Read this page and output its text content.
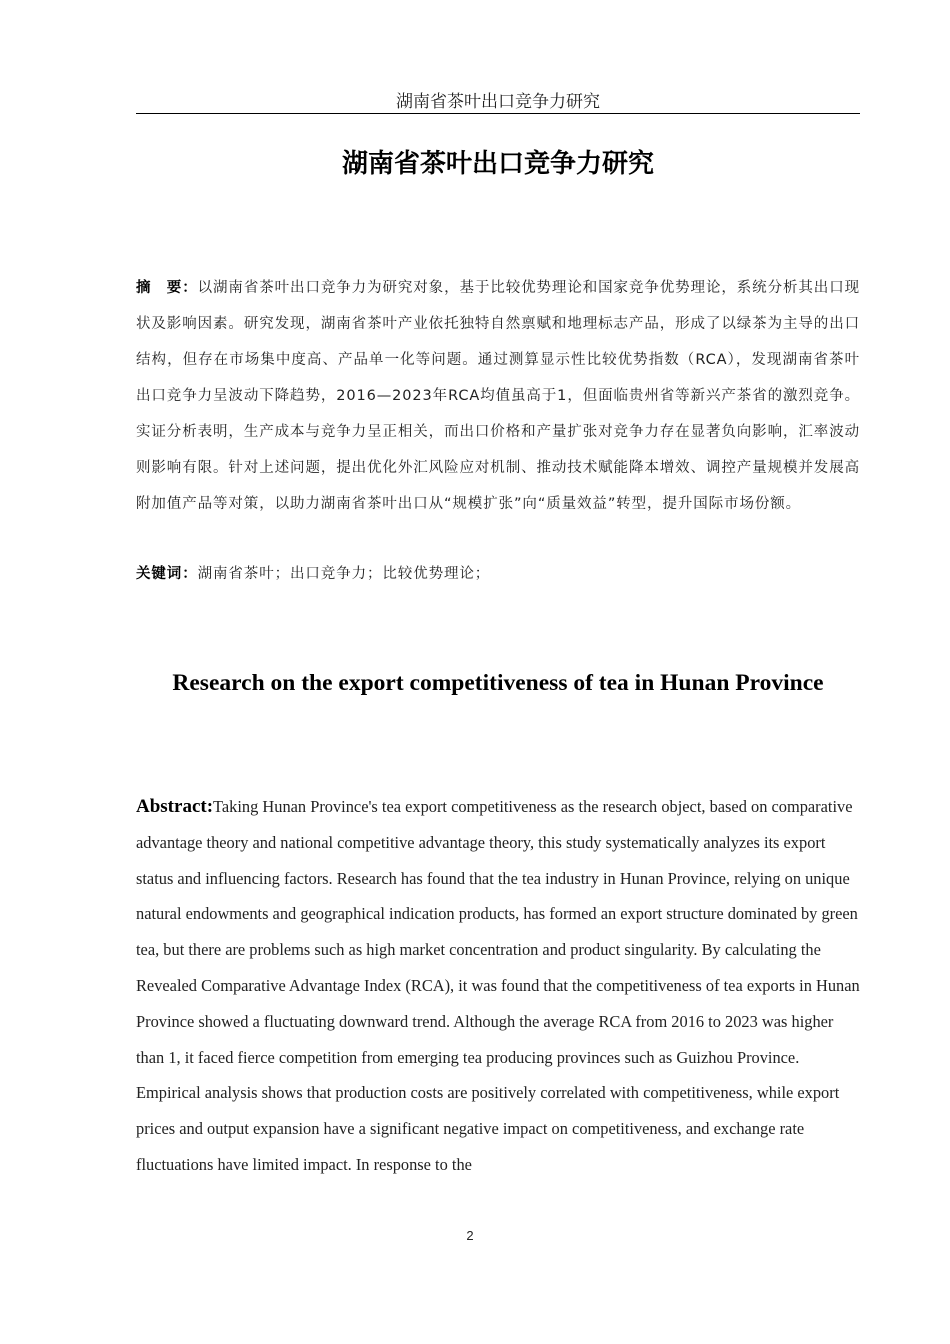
湖南省茶叶出口竞争力研究
湖南省茶叶出口竞争力研究
摘　要：以湖南省茶叶出口竞争力为研究对象，基于比较优势理论和国家竞争优势理论，系统分析其出口现状及影响因素。研究发现，湖南省茶叶产业依托独特自然禀赋和地理标志产品，形成了以绿茶为主导的出口结构，但存在市场集中度高、产品单一化等问题。通过测算显示性比较优势指数（RCA），发现湖南省茶叶出口竞争力呈波动下降趋势，2016—2023年RCA均值虽高于1，但面临贵州省等新兴产茶省的激烈竞争。实证分析表明，生产成本与竞争力呈正相关，而出口价格和产量扩张对竞争力存在显著负向影响，汇率波动则影响有限。针对上述问题，提出优化外汇风险应对机制、推动技术赋能降本增效、调控产量规模并发展高附加值产品等对策，以助力湖南省茶叶出口从“规模扩张”向“质量效益”转型，提升国际市场份额。
关键词：湖南省茶叶；出口竞争力；比较优势理论；
Research on the export competitiveness of tea in Hunan Province
Abstract:Taking Hunan Province's tea export competitiveness as the research object, based on comparative advantage theory and national competitive advantage theory, this study systematically analyzes its export status and influencing factors. Research has found that the tea industry in Hunan Province, relying on unique natural endowments and geographical indication products, has formed an export structure dominated by green tea, but there are problems such as high market concentration and product singularity. By calculating the Revealed Comparative Advantage Index (RCA), it was found that the competitiveness of tea exports in Hunan Province showed a fluctuating downward trend. Although the average RCA from 2016 to 2023 was higher than 1, it faced fierce competition from emerging tea producing provinces such as Guizhou Province. Empirical analysis shows that production costs are positively correlated with competitiveness, while export prices and output expansion have a significant negative impact on competitiveness, and exchange rate fluctuations have limited impact. In response to the
2
